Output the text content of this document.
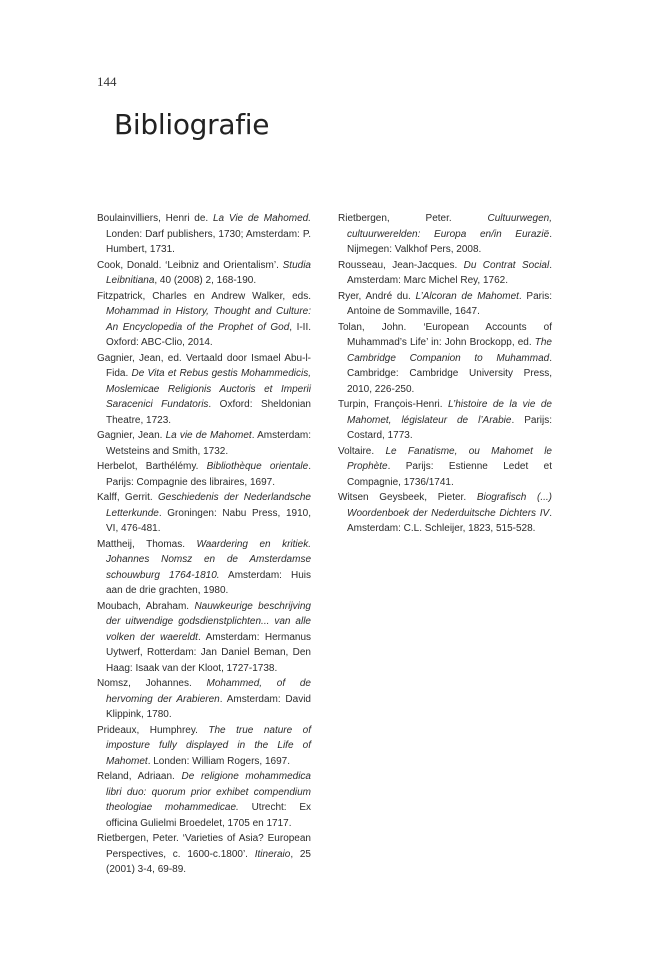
144
Bibliografie

Boulainvilliers, Henri de. La Vie de Mahomed. Londen: Darf publishers, 1730; Amsterdam: P. Humbert, 1731.

Cook, Donald. ‘Leibniz and Orientalism’. Studia Leibnitiana, 40 (2008) 2, 168-190.

Fitzpatrick, Charles en Andrew Walker, eds. Mohammad in History, Thought and Culture: An Encyclopedia of the Prophet of God, I-II. Oxford: ABC-Clio, 2014.

Gagnier, Jean, ed. Vertaald door Ismael Abu-l-Fida. De Vita et Rebus gestis Mohammedicis, Moslemicae Religionis Auctoris et Imperii Saracenici Fundatoris. Oxford: Sheldonian Theatre, 1723.

Gagnier, Jean. La vie de Mahomet. Amsterdam: Wetsteins and Smith, 1732.

Herbelot, Barthélémy. Bibliothèque orientale. Parijs: Compagnie des libraires, 1697.

Kalff, Gerrit. Geschiedenis der Nederlandsche Letterkunde. Groningen: Nabu Press, 1910, VI, 476-481.

Mattheij, Thomas. Waardering en kritiek. Johannes Nomsz en de Amsterdamse schouwburg 1764-1810. Amsterdam: Huis aan de drie grachten, 1980.

Moubach, Abraham. Nauwkeurige beschrijving der uitwendige godsdienstplichten... van alle volken der waereldt. Amsterdam: Hermanus Uytwerf, Rotterdam: Jan Daniel Beman, Den Haag: Isaak van der Kloot, 1727-1738.

Nomsz, Johannes. Mohammed, of de hervoming der Arabieren. Amsterdam: David Klippink, 1780.

Prideaux, Humphrey. The true nature of imposture fully displayed in the Life of Mahomet. Londen: William Rogers, 1697.

Reland, Adriaan. De religione mohammedica libri duo: quorum prior exhibet compendium theologiae mohammedicae. Utrecht: Ex officina Gulielmi Broedelet, 1705 en 1717.

Rietbergen, Peter. ‘Varieties of Asia? European Perspectives, c. 1600-c.1800’. Itineraio, 25 (2001) 3-4, 69-89.

Rietbergen, Peter. Cultuurwegen, cultuurwerelden: Europa en/in Eurazië. Nijmegen: Valkhof Pers, 2008.

Rousseau, Jean-Jacques. Du Contrat Social. Amsterdam: Marc Michel Rey, 1762.

Ryer, André du. L’Alcoran de Mahomet. Paris: Antoine de Sommaville, 1647.

Tolan, John. ‘European Accounts of Muhammad’s Life’ in: John Brockopp, ed. The Cambridge Companion to Muhammad. Cambridge: Cambridge University Press, 2010, 226-250.

Turpin, François-Henri. L’histoire de la vie de Mahomet, législateur de l’Arabie. Parijs: Costard, 1773.

Voltaire. Le Fanatisme, ou Mahomet le Prophète. Parijs: Estienne Ledet et Compagnie, 1736/1741.

Witsen Geysbeek, Pieter. Biografisch (...) Woordenboek der Nederduitsche Dichters IV. Amsterdam: C.L. Schleijer, 1823, 515-528.
